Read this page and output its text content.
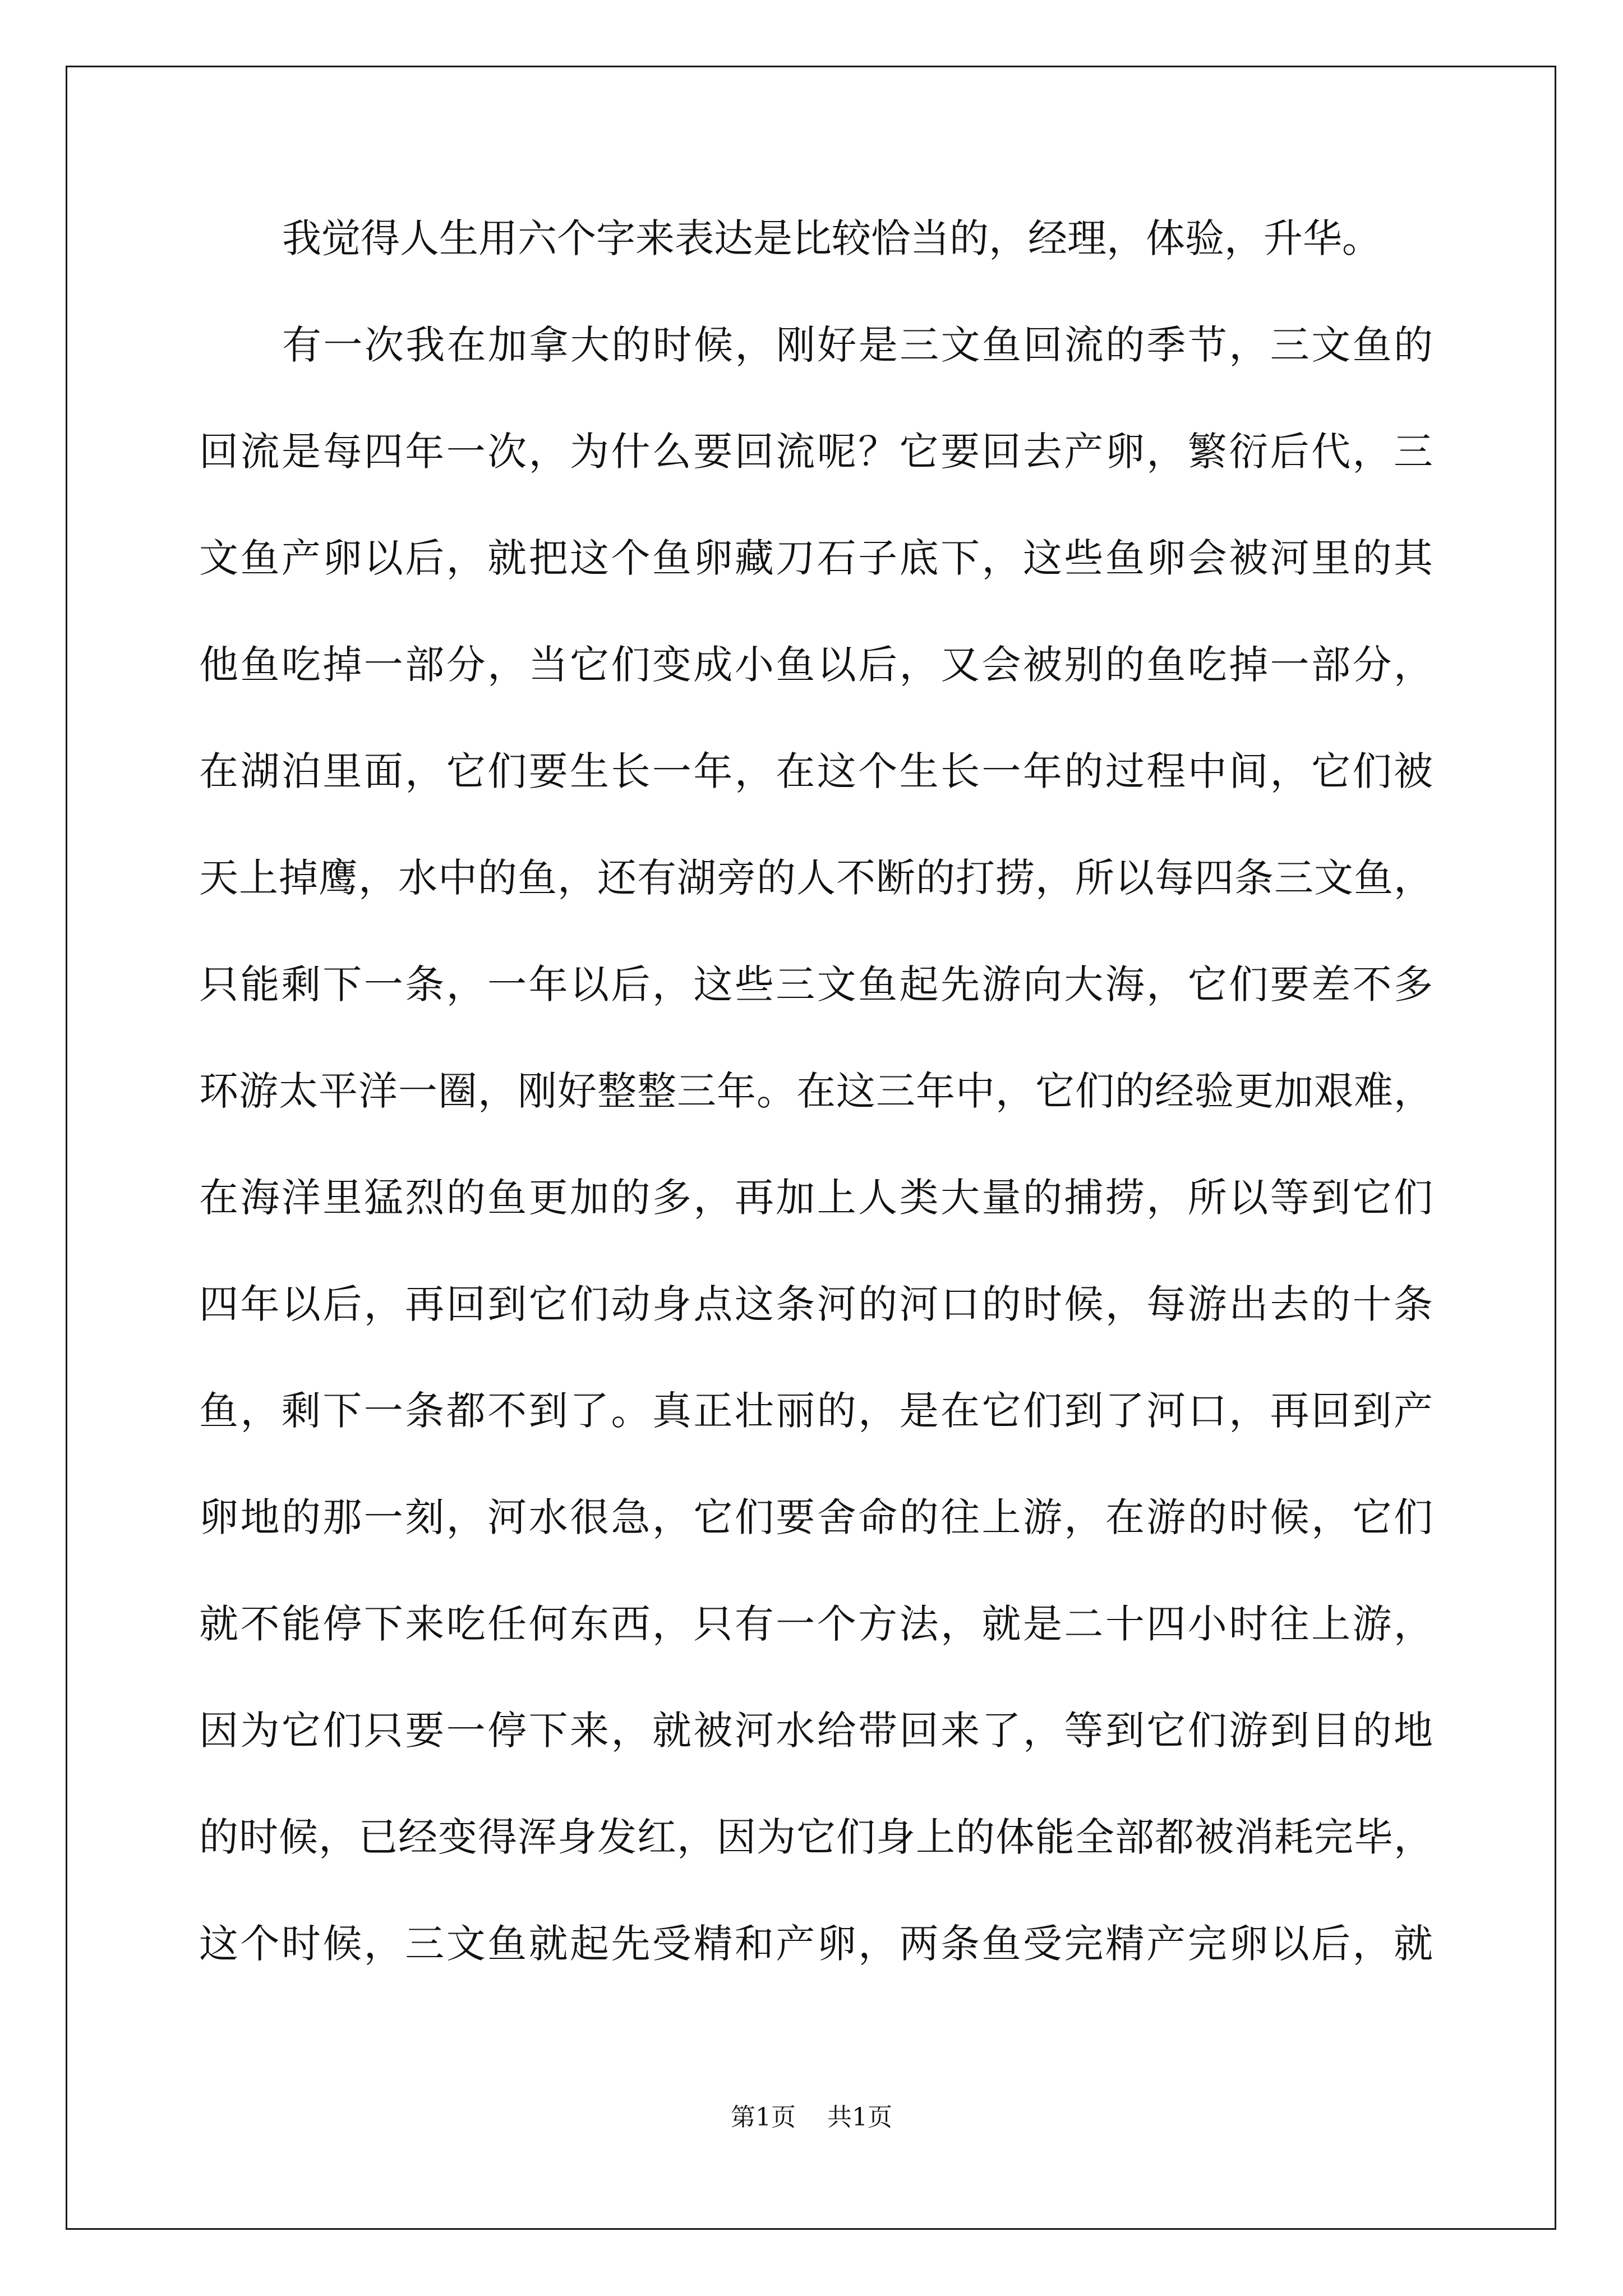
我觉得人生用六个字来表达是比较恰当的，经理，体验，升华。
有一次我在加拿大的时候，刚好是三文鱼回流的季节，三文鱼的
回流是每四年一次，为什么要回流呢？它要回去产卵，繁衍后代，三
文鱼产卵以后，就把这个鱼卵藏刀石子底下，这些鱼卵会被河里的其
他鱼吃掉一部分，当它们变成小鱼以后，又会被别的鱼吃掉一部分，
在湖泊里面，它们要生长一年，在这个生长一年的过程中间，它们被
天上掉鹰，水中的鱼，还有湖旁的人不断的打捞，所以每四条三文鱼，
只能剩下一条，一年以后，这些三文鱼起先游向大海，它们要差不多
环游太平洋一圈，刚好整整三年。在这三年中，它们的经验更加艰难，
在海洋里猛烈的鱼更加的多，再加上人类大量的捕捞，所以等到它们
四年以后，再回到它们动身点这条河的河口的时候，每游出去的十条
鱼，剩下一条都不到了。真正壮丽的，是在它们到了河口，再回到产
卵地的那一刻，河水很急，它们要舍命的往上游，在游的时候，它们
就不能停下来吃任何东西，只有一个方法，就是二十四小时往上游，
因为它们只要一停下来，就被河水给带回来了，等到它们游到目的地
的时候，已经变得浑身发红，因为它们身上的体能全部都被消耗完毕，
这个时候，三文鱼就起先受精和产卵，两条鱼受完精产完卵以后，就
第1页 共1页
